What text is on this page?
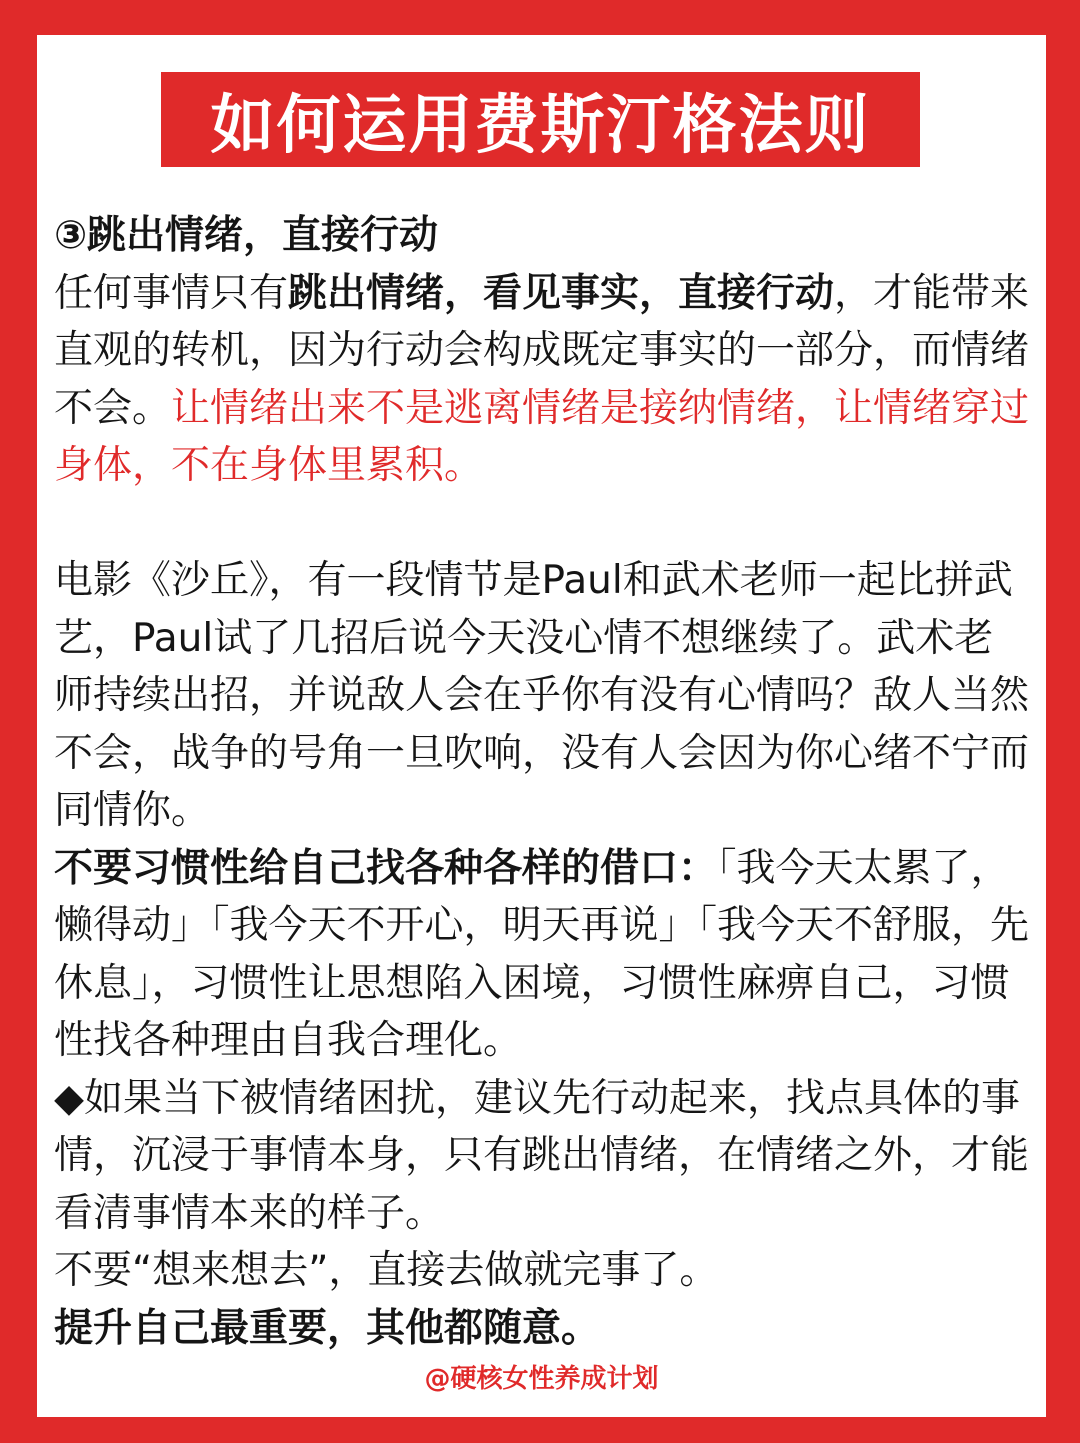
如何运用费斯汀格法则

③跳出情绪，直接行动

任何事情只有跳出情绪，看见事实，直接行动，才能带来直观的转机，因为行动会构成既定事实的一部分，而情绪不会。让情绪出来不是逃离情绪是接纳情绪，让情绪穿过身体，不在身体里累积。

电影《沙丘》，有一段情节是Paul和武术老师一起比拼武艺，Paul试了几招后说今天没心情不想继续了。武术老师持续出招，并说敌人会在乎你有没有心情吗？敌人当然不会，战争的号角一旦吹响，没有人会因为你心绪不宁而同情你。

不要习惯性给自己找各种各样的借口：「我今天太累了， 懒得动」「我今天不开心，明天再说」「我今天不舒服，先休息」，习惯性让思想陷入困境，习惯性麻痹自己，习惯性找各种理由自我合理化。

◆如果当下被情绪困扰，建议先行动起来，找点具体的事情，沉浸于事情本身，只有跳出情绪，在情绪之外，才能看清事情本来的样子。

不要“想来想去”，直接去做就完事了。

提升自己最重要，其他都随意。

@硬核女性养成计划
